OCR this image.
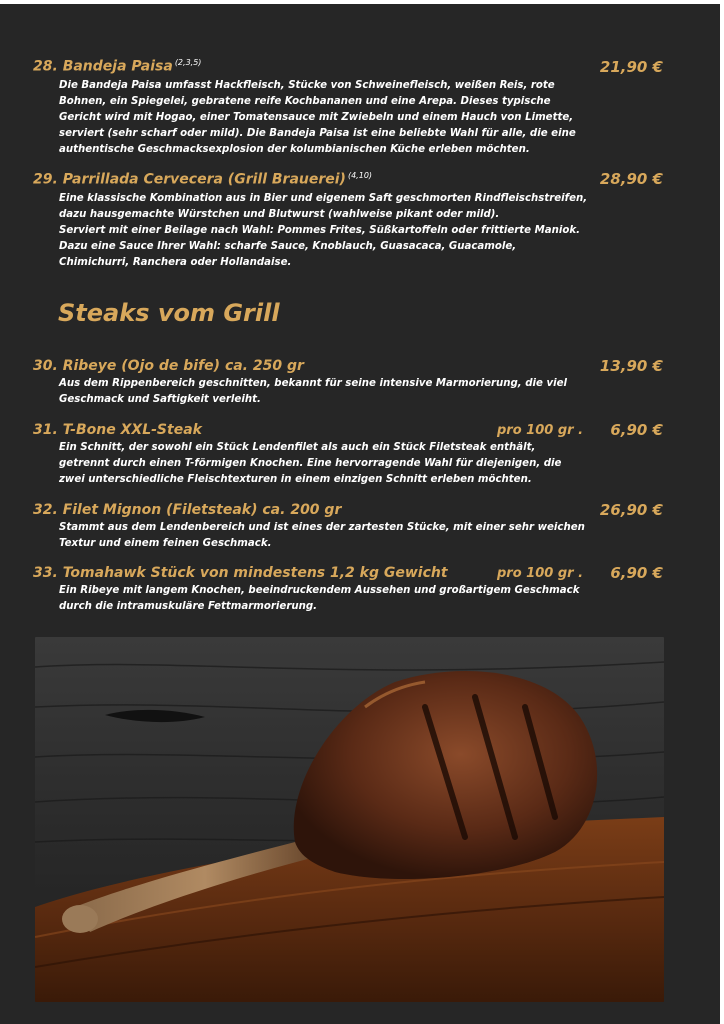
28. Bandeja Paisa $^{(2,3,5)}$	21,90 €

Die Bandeja Paisa umfasst Hackfleisch, Stücke von Schweinefleisch, weißen Reis, rote Bohnen, ein Spiegelei, gebratene reife Kochbananen und eine Arepa. Dieses typische Gericht wird mit Hogao, einer Tomatensauce mit Zwiebeln und einem Hauch von Limette, serviert (sehr scharf oder mild). Die Bandeja Paisa ist eine beliebte Wahl für alle, die eine authentische Geschmacksexplosion der kolumbianischen Küche erleben möchten.

29. Parrillada Cervecera (Grill Brauerei) $^{(4,10)}$	28,90 €

Eine klassische Kombination aus in Bier und eigenem Saft geschmorten Rindfleischstreifen, dazu hausgemachte Würstchen und Blutwurst (wahlweise pikant oder mild).

Serviert mit einer Beilage nach Wahl: Pommes Frites, Süßkartoffeln oder frittierte Maniok. Dazu eine Sauce Ihrer Wahl: scharfe Sauce, Knoblauch, Guasacaca, Guacamole, Chimichurri, Ranchera oder Hollandaise.

Steaks vom Grill
30. Ribeye (Ojo de bife) ca. 250 gr	13,90 €

Aus dem Rippenbereich geschnitten, bekannt für seine intensive Marmorierung, die viel Geschmack und Saftigkeit verleiht.

31. T-Bone XXL-Steak	pro 100 gr . 6,90 €

Ein Schnitt, der sowohl ein Stück Lendenfilet als auch ein Stück Filetsteak enthält, getrennt durch einen T-förmigen Knochen. Eine hervorragende Wahl für diejenigen, die zwei unterschiedliche Fleischtexturen in einem einzigen Schnitt erleben möchten.

32. Filet Mignon (Filetsteak) ca. 200 gr	26,90 €

Stammt aus dem Lendenbereich und ist eines der zartesten Stücke, mit einer sehr weichen Textur und einem feinen Geschmack.

33. Tomahawk Stück von mindestens 1,2 kg Gewicht	pro 100 gr . 6,90 €

Ein Ribeye mit langem Knochen, beeindruckendem Aussehen und großartigem Geschmack durch die intramuskuläre Fettmarmorierung.
